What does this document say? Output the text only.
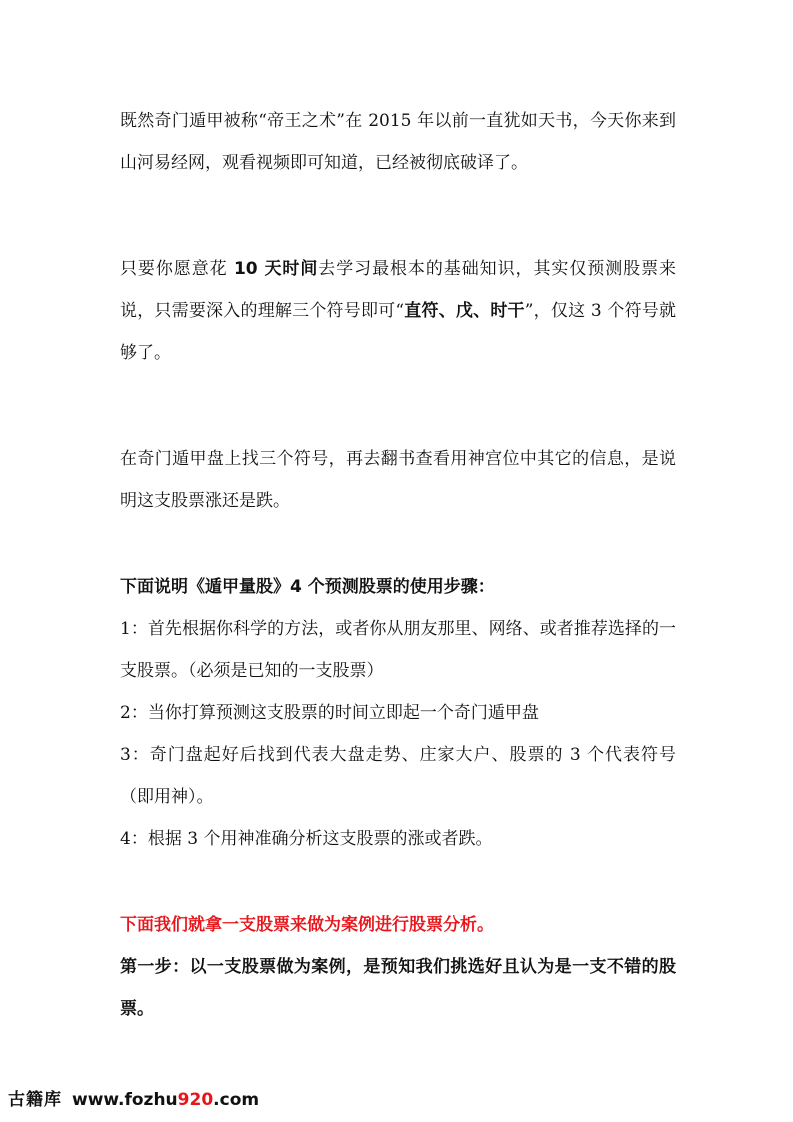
既然奇门遁甲被称“帝王之术”在 2015 年以前一直犹如天书，今天你来到山河易经网，观看视频即可知道，已经被彻底破译了。

只要你愿意花 10 天时间去学习最根本的基础知识，其实仅预测股票来说，只需要深入的理解三个符号即可“直符、戊、时干”，仅这 3 个符号就够了。

在奇门遁甲盘上找三个符号，再去翻书查看用神宫位中其它的信息，是说明这支股票涨还是跌。

下面说明《遁甲量股》4 个预测股票的使用步骤：

1：首先根据你科学的方法，或者你从朋友那里、网络、或者推荐选择的一支股票。（必须是已知的一支股票）

2：当你打算预测这支股票的时间立即起一个奇门遁甲盘

3：奇门盘起好后找到代表大盘走势、庄家大户、股票的 3 个代表符号（即用神）。

4：根据 3 个用神准确分析这支股票的涨或者跌。

下面我们就拿一支股票来做为案例进行股票分析。

第一步：以一支股票做为案例，是预知我们挑选好且认为是一支不错的股票。

古籍库 www.fozhu 920 .com
